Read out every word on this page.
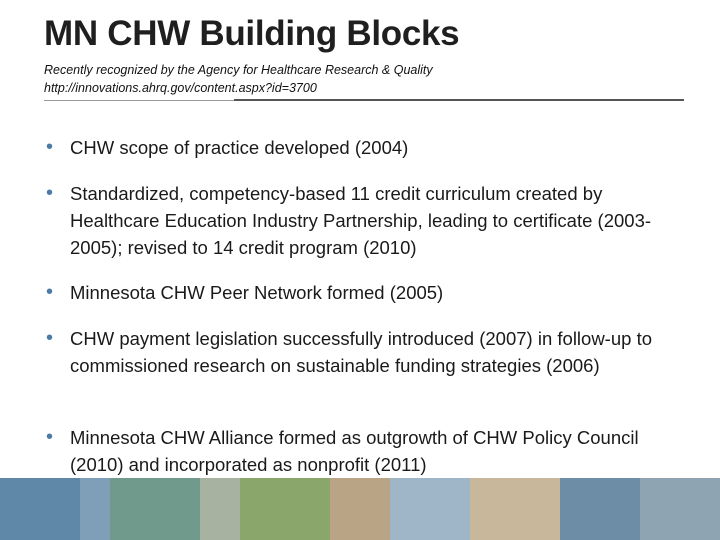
MN CHW Building Blocks
Recently recognized by the Agency for Healthcare Research & Quality
http://innovations.ahrq.gov/content.aspx?id=3700
• CHW scope of practice developed (2004)
• Standardized, competency-based 11 credit curriculum created by Healthcare Education Industry Partnership, leading to certificate (2003-2005); revised to 14 credit program (2010)
• Minnesota CHW Peer Network formed (2005)
• CHW payment legislation successfully introduced (2007) in follow-up to commissioned research on sustainable funding strategies (2006)
• Minnesota CHW Alliance formed as outgrowth of CHW Policy Council (2010) and incorporated as nonprofit (2011)
